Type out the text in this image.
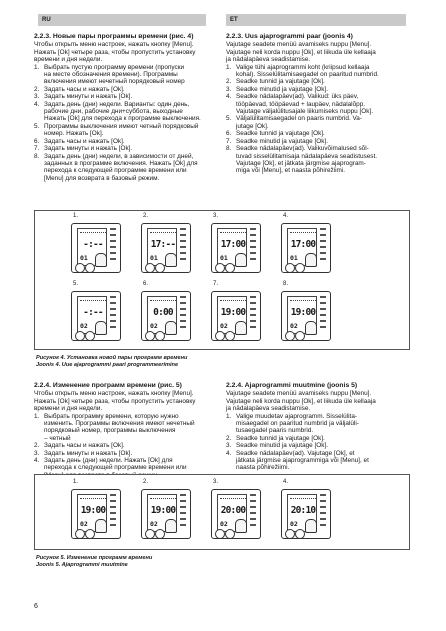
RU	ET
2.2.3. Новые пары программы времени (рис. 4)

Чтобы открыть меню настроек, нажать кнопку [Menu].

Нажать [Ok] четыре раза, чтобы пропустить установку

времени и дня недели.

1. Выбрать пустую программу времени (пропуски
на месте обозначения времени). Программы
включения имеют нечетный порядковый номер
2. Задать часы и нажать [Ok].
3. Задать минуты и нажать [Ok].
4. Задать день (дни) недели. Варианты: один день,
рабочие дни, рабочие дни+суббота, выходные
Нажать [Ok] для перехода к программе выключения.
5. Программы выключения имеют четный порядковый
номер. Нажать [Ok].
6. Задать часы и нажать [Ok].
7. Задать минуты и нажать [Ok].
8. Задать день (дни) недели, в зависимости от дней,
заданных в программе включения. Нажать [Ok] для
перехода к следующей программе времени или
[Menu] для возврата в базовый режим.
2.2.3. Uus ajaprogrammi paar (joonis 4)

Vajutage seadete menüü avamiseks nuppu [Menu].

Vajutage neli korda nuppu [Ok], et liikuda üle kellaaja

ja nädalapäeva seadistamise.

1. Valige tühi ajaprogrammi koht (kriipsud kellaaja
kohal). Sisselülitamisaegadel on paaritud numbrid.
2. Seadke tunnid ja vajutage [Ok].
3. Seadke minutid ja vajutage [Ok].
4. Seadke nädalapäev(ad). Valikud: üks päev,
tööpäevad, tööpäevad + laupäev, nädalalõpp.
Vajutage väljalülitusajale liikumiseks nuppu [Ok].
5. Väljalülitamisaegadel on paaris numbrid. Va-
jutage [Ok].
6. Seadke tunnid ja vajutage [Ok].
7. Seadke minutid ja vajutage [Ok].
8. Seadke nädalapäev(ad). Valikuvõimalused sõl-
tuvad sisselülitamisaja nädalapäeva seadistusest.
Vajutage [Ok], et jätkata järgmise ajaprogram-
miga või [Menu], et naasta põhirežiimi.
1.
-:--
01
2.
17:--
01
3.
17:00
01
4.
17:00
01
5.
-:--
02
6.
0:00
02
7.
19:00
02
8.
19:00
02
Рисунок 4. Установка новой пары программ времени
Joonis 4. Uue ajaprogrammi paari programmeerimine
2.2.4. Изменение программ времени (рис. 5)

Чтобы открыть меню настроек, нажать кнопку [Menu].

Нажать [Ok] четыре раза, чтобы пропустить установку

времени и дня недели.

1. Выбрать программу времени, которую нужно
изменить. Программы включения имеют нечетный
порядковый номер, программы выключения
– четный
2. Задать часы и нажать [Ok].
3. Задать минуты и нажать [Ok].
4. Задать день (дни) недели. Нажать [Ok] для
перехода к следующей программе времени или
2.2.4. Ajaprogrammi muutmine (joonis 5)

Vajutage seadete menüü avamiseks nuppu [Menu].

Vajutage neli korda nuppu [Ok], et liikuda üle kellaaja

ja nädalapäeva seadistamise.

1. Valige muudetav ajaprogramm. Sisselülita-
misaegadel on paaritud numbrid ja väljalüli-
tusaegadel paaris numbrid.
2. Seadke tunnid ja vajutage [Ok].
3. Seadke minutid ja vajutage [Ok].
4. Seadke nädalapäev(ad). Vajutage [Ok], et
jätkata järgmise ajaprogrammiga või [Menu], et
naasta põhirežiimi.
1.
19:00
02
2.
19:00
02
3.
20:00
02
4.
20:10
02
Рисунок 5. Изменение программ времени
Joonis 5. Ajaprogrammi muutmine
6
